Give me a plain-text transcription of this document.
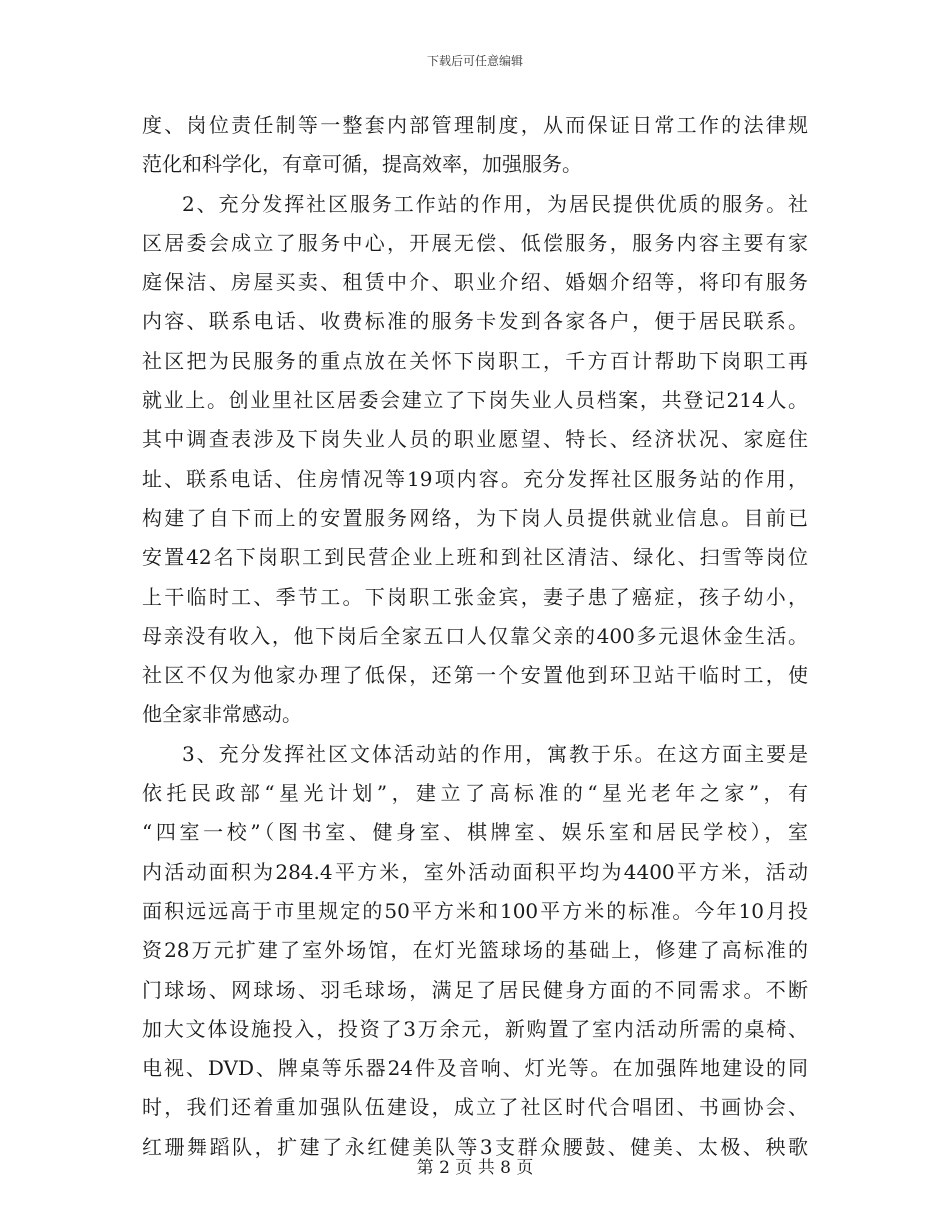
下载后可任意编辑
度、岗位责任制等一整套内部管理制度，从而保证日常工作的法律规
范化和科学化，有章可循，提高效率，加强服务。
2、充分发挥社区服务工作站的作用，为居民提供优质的服务。社
区居委会成立了服务中心，开展无偿、低偿服务，服务内容主要有家
庭保洁、房屋买卖、租赁中介、职业介绍、婚姻介绍等，将印有服务
内容、联系电话、收费标准的服务卡发到各家各户，便于居民联系。
社区把为民服务的重点放在关怀下岗职工，千方百计帮助下岗职工再
就业上。创业里社区居委会建立了下岗失业人员档案，共登记214人。
其中调查表涉及下岗失业人员的职业愿望、特长、经济状况、家庭住
址、联系电话、住房情况等19项内容。充分发挥社区服务站的作用，
构建了自下而上的安置服务网络，为下岗人员提供就业信息。目前已
安置42名下岗职工到民营企业上班和到社区清洁、绿化、扫雪等岗位
上干临时工、季节工。下岗职工张金宾，妻子患了癌症，孩子幼小，
母亲没有收入，他下岗后全家五口人仅靠父亲的400多元退休金生活。
社区不仅为他家办理了低保，还第一个安置他到环卫站干临时工，使
他全家非常感动。
3、充分发挥社区文体活动站的作用，寓教于乐。在这方面主要是
依托民政部“星光计划”，建立了高标准的“星光老年之家”，有
“四室一校”（图书室、健身室、棋牌室、娱乐室和居民学校），室
内活动面积为284.4平方米，室外活动面积平均为4400平方米，活动
面积远远高于市里规定的50平方米和100平方米的标准。今年10月投
资28万元扩建了室外场馆，在灯光篮球场的基础上，修建了高标准的
门球场、网球场、羽毛球场，满足了居民健身方面的不同需求。不断
加大文体设施投入，投资了3万余元，新购置了室内活动所需的桌椅、
电视、DVD、牌桌等乐器24件及音响、灯光等。在加强阵地建设的同
时，我们还着重加强队伍建设，成立了社区时代合唱团、书画协会、
红珊舞蹈队，扩建了永红健美队等3支群众腰鼓、健美、太极、秧歌
第 2 页 共 8 页
